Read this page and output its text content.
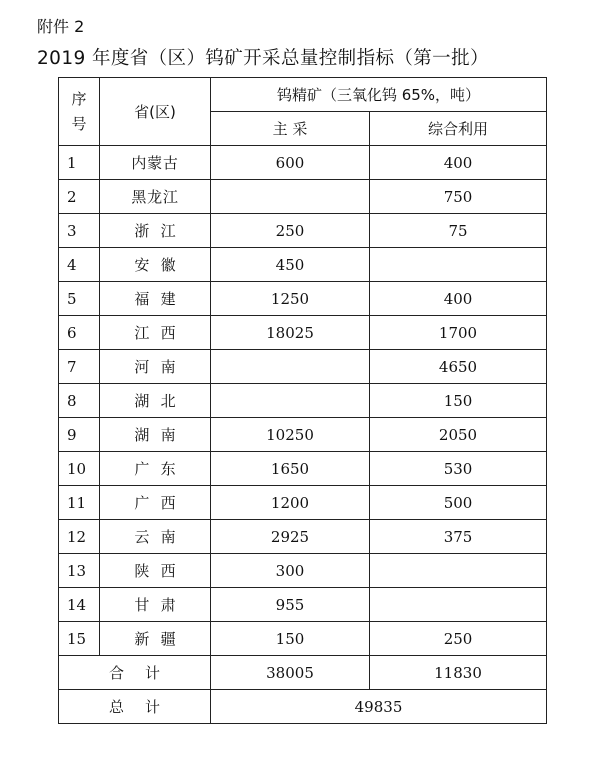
附件 2
2019 年度省（区）钨矿开采总量控制指标（第一批）
序
号	省(区)	钨精矿（三氧化钨 65%，吨）	
		主 采	综合利用
1	内蒙古	600	400
2	黑龙江		750
3	浙江	250	75
4	安徽	450	
5	福建	1250	400
6	江西	18025	1700
7	河南		4650
8	湖北		150
9	湖南	10250	2050
10	广东	1650	530
11	广西	1200	500
12	云南	2925	375
13	陕西	300	
14	甘肃	955	
15	新疆	150	250
合计		38005	11830
总计		49835	
